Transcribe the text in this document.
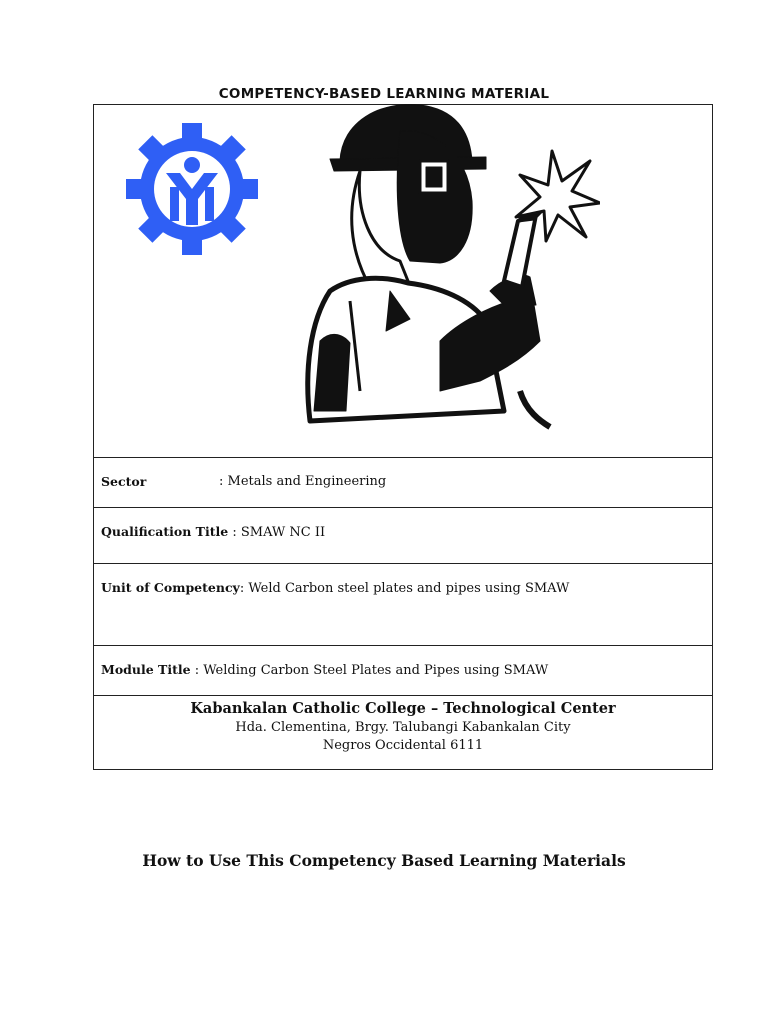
COMPETENCY-BASED LEARNING MATERIAL
Sector	: Metals and Engineering
Qualification Title : SMAW NC II
Unit of Competency: Weld Carbon steel plates and pipes using SMAW
Module Title : Welding Carbon Steel Plates and Pipes using SMAW
Kabankalan Catholic College – Technological Center
Hda. Clementina, Brgy. Talubangi Kabankalan City
Negros Occidental 6111
How to Use This Competency Based Learning Materials
